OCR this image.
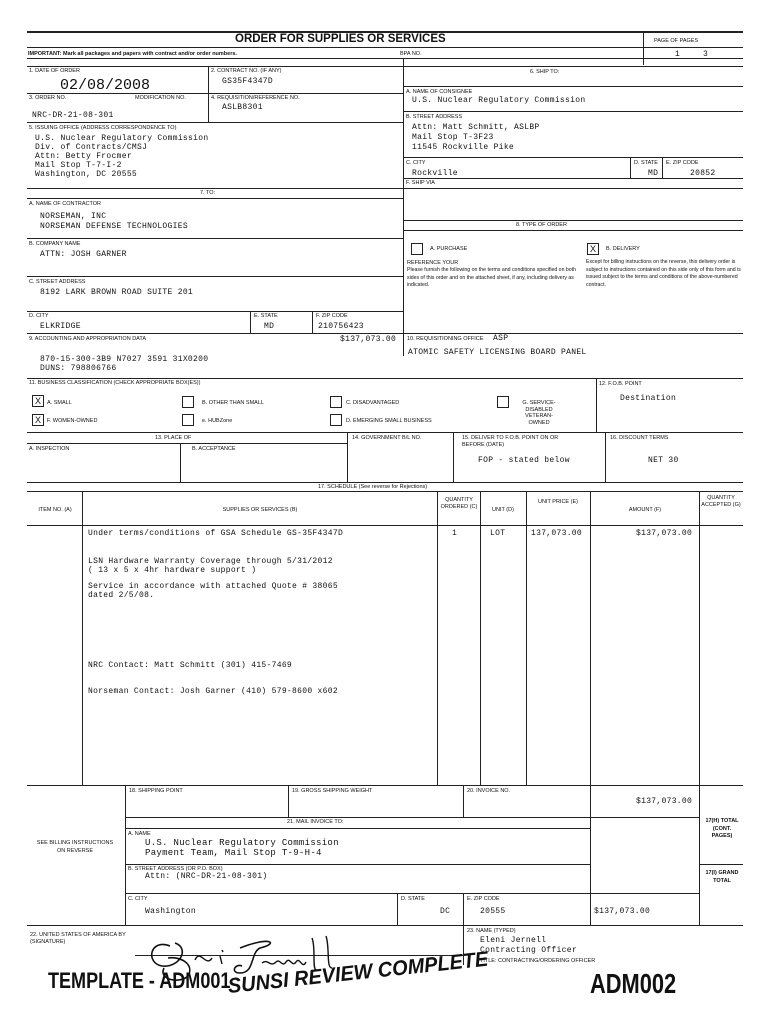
ORDER FOR SUPPLIES OR SERVICES	PAGE OF PAGES
1	3
IMPORTANT: Mark all packages and papers with contract and/or order numbers.	BPA NO.
1. DATE OF ORDER
02/08/2008
2. CONTRACT NO. (IF ANY)
GS35F4347D
3. ORDER NO.	MODIFICATION NO.
NRC-DR-21-08-301
4. REQUISITION/REFERENCE NO.
ASLB8301
5. ISSUING OFFICE (ADDRESS CORRESPONDENCE TO)
U.S. Nuclear Regulatory Commission
Div. of Contracts/CMSJ
Attn: Betty Frocmer
Mail Stop T-7-I-2
Washington, DC 20555
6. SHIP TO:
A. NAME OF CONSIGNEE
U.S. Nuclear Regulatory Commission
B. STREET ADDRESS
Attn: Matt Schmitt, ASLBP
Mail Stop T-3F23
11545 Rockville Pike
C. CITY
Rockville
D. STATE
MD
E. ZIP CODE
20852
F. SHIP VIA
7. TO:
A. NAME OF CONTRACTOR
NORSEMAN, INC
NORSEMAN DEFENSE TECHNOLOGIES
B. COMPANY NAME
ATTN: JOSH GARNER
C. STREET ADDRESS
8192 LARK BROWN ROAD SUITE 201
D. CITY
ELKRIDGE
E. STATE
MD
F. ZIP CODE
210756423
8. TYPE OF ORDER
A. PURCHASE
REFERENCE YOUR
Please furnish the following on the terms and conditions specified on both sides of this order and on the attached sheet, if any, including delivery as indicated.
X	B. DELIVERY
Except for billing instructions on the reverse, this delivery order is subject to instructions contained on this side only of this form and is issued subject to the terms and conditions of the above-numbered contract.
9. ACCOUNTING AND APPROPRIATION DATA	$137,073.00
870-15-300-3B9 N7027 3591 31X0200
DUNS: 798806766
10. REQUISITIONING OFFICE ASP
ATOMIC SAFETY LICENSING BOARD PANEL
11. BUSINESS CLASSIFICATION (CHECK APPROPRIATE BOX(ES))
X	A. SMALL	B. OTHER THAN SMALL	C. DISADVANTAGED	G. SERVICE-DISABLED VETERAN-OWNED
X	F. WOMEN-OWNED	e. HUBZone	D. EMERGING SMALL BUSINESS
12. F.O.B. POINT
Destination
13. PLACE OF
A. INSPECTION	B. ACCEPTANCE
14. GOVERNMENT B/L NO.	15. DELIVER TO F.O.B. POINT ON OR BEFORE (DATE)
FOP - stated below
16. DISCOUNT TERMS
NET 30
17. SCHEDULE (See reverse for Rejections)
ITEM NO. (A)	SUPPLIES OR SERVICES (B)
QUANTITY ORDERED (C)	UNIT (D)
UNIT PRICE (E)
AMOUNT (F)
QUANTITY ACCEPTED (G)
Under terms/conditions of GSA Schedule GS-35F4347D
LSN Hardware Warranty Coverage through 5/31/2012
( 13 x 5 x 4hr hardware support )
Service in accordance with attached Quote # 38065
dated 2/5/08.
1	LOT	137,073.00	$137,073.00
NRC Contact: Matt Schmitt (301) 415-7469
Norseman Contact: Josh Garner (410) 579-8600 x602
18. SHIPPING POINT	19. GROSS SHIPPING WEIGHT	20. INVOICE NO.
$137,073.00
21. MAIL INVOICE TO:
SEE BILLING INSTRUCTIONS ON REVERSE
A. NAME
U.S. Nuclear Regulatory Commission
Payment Team, Mail Stop T-9-H-4
B. STREET ADDRESS (OR P.O. BOX)
Attn: (NRC-DR-21-08-301)
C. CITY
Washington
D. STATE
DC
E. ZIP CODE
20555	$137,073.00
17(H) TOTAL (CONT. PAGES)
17(I) GRAND TOTAL
22. UNITED STATES OF AMERICA BY (SIGNATURE)
23. NAME (TYPED)
Eleni Jernell
Contracting Officer
TITLE: CONTRACTING/ORDERING OFFICER
TEMPLATE - ADM001
SUNSI REVIEW COMPLETE	ADM002
